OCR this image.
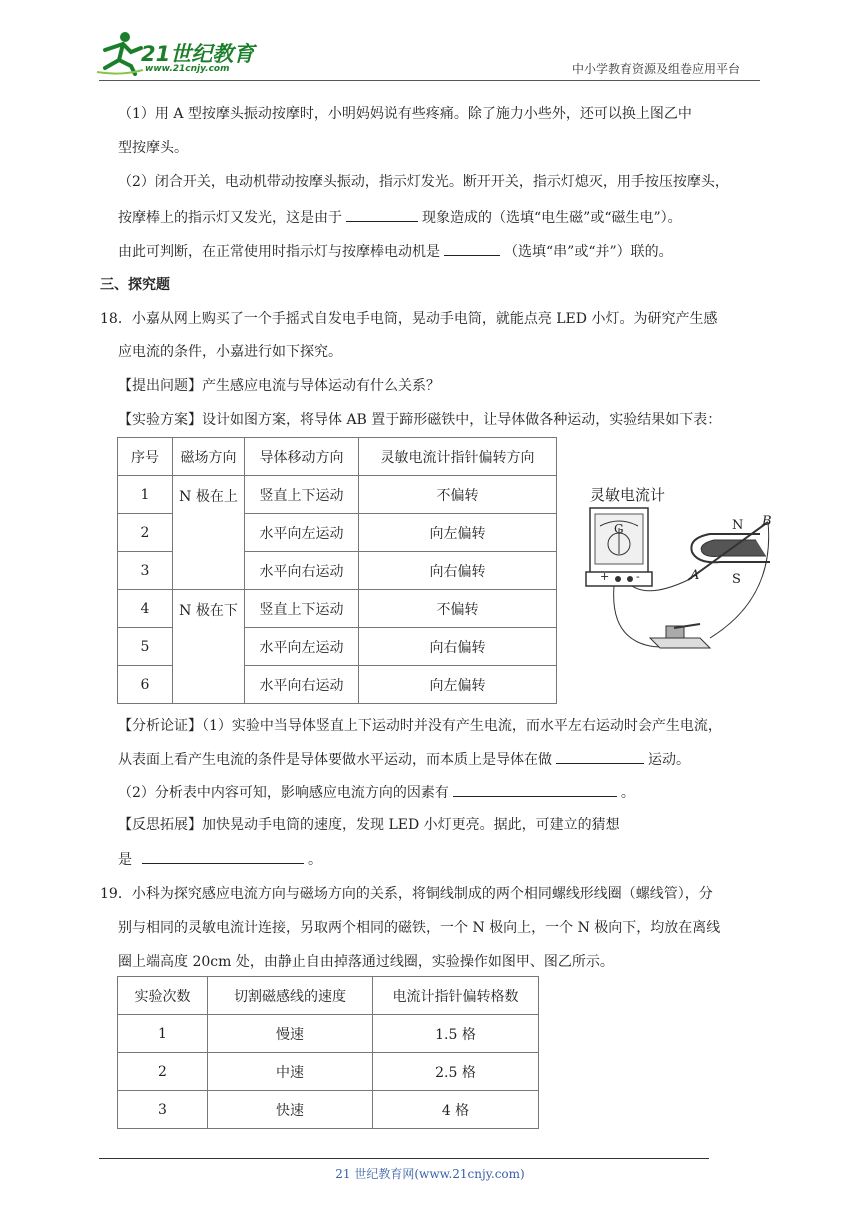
21世纪教育
www.21cnjy.com	中小学教育资源及组卷应用平台
（1）用 A 型按摩头振动按摩时，小明妈妈说有些疼痛。除了施力小些外，还可以换上图乙中
型按摩头。
（2）闭合开关，电动机带动按摩头振动，指示灯发光。断开开关，指示灯熄灭，用手按压按摩头，
按摩棒上的指示灯又发光，这是由于	现象造成的（选填“电生磁”或“磁生电”）。
由此可判断，在正常使用时指示灯与按摩棒电动机是	（选填“串”或“并”）联的。
三、探究题
18．小嘉从网上购买了一个手摇式自发电手电筒，晃动手电筒，就能点亮 LED 小灯。为研究产生感
应电流的条件，小嘉进行如下探究。
【提出问题】产生感应电流与导体运动有什么关系？
【实验方案】设计如图方案，将导体 AB 置于蹄形磁铁中，让导体做各种运动，实验结果如下表：
序号	磁场方向	导体移动方向	灵敏电流计指针偏转方向
1	N 极在上	竖直上下运动	不偏转
2		水平向左运动	向左偏转
3		水平向右运动	向右偏转
4	N 极在下	竖直上下运动	不偏转
5		水平向左运动	向右偏转
6		水平向右运动	向左偏转
灵敏电流计
G
+ -
N B
A	S
【分析论证】（1）实验中当导体竖直上下运动时并没有产生电流，而水平左右运动时会产生电流，
从表面上看产生电流的条件是导体要做水平运动，而本质上是导体在做	运动。
（2）分析表中内容可知，影响感应电流方向的因素有	。
【反思拓展】加快晃动手电筒的速度，发现 LED 小灯更亮。据此，可建立的猜想
是	。
19．小科为探究感应电流方向与磁场方向的关系，将铜线制成的两个相同螺线形线圈（螺线管），分
别与相同的灵敏电流计连接，另取两个相同的磁铁，一个 N 极向上，一个 N 极向下，均放在离线
圈上端高度 20cm 处，由静止自由掉落通过线圈，实验操作如图甲、图乙所示。
实验次数	切割磁感线的速度	电流计指针偏转格数
1	慢速	1.5 格
2	中速	2.5 格
3	快速	4 格
21 世纪教育网(www.21cnjy.com)
